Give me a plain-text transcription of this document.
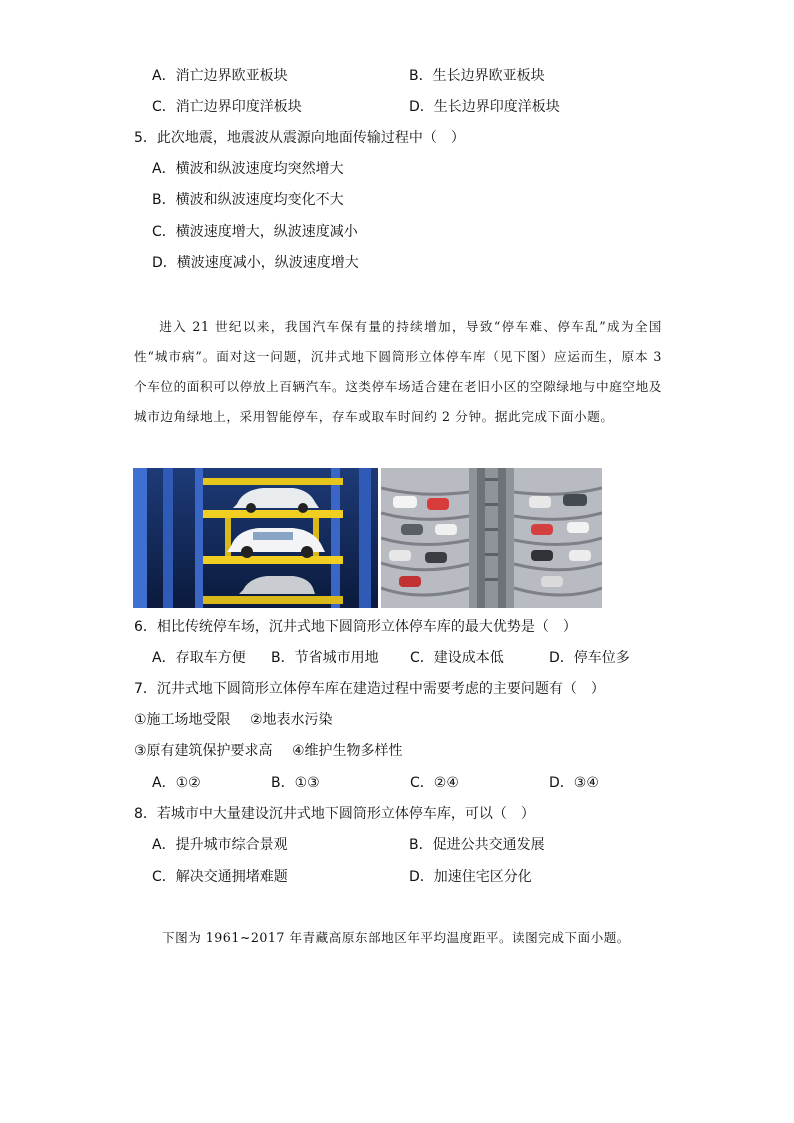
A．消亡边界欧亚板块	B．生长边界欧亚板块
C．消亡边界印度洋板块	D．生长边界印度洋板块
5．此次地震，地震波从震源向地面传输过程中（　）
A．横波和纵波速度均突然增大
B．横波和纵波速度均变化不大
C．横波速度增大，纵波速度减小
D．横波速度减小，纵波速度增大

进入 21 世纪以来，我国汽车保有量的持续增加，导致“停车难、停车乱”成为全国性“城市病”。面对这一问题，沉井式地下圆筒形立体停车库（见下图）应运而生，原本 3 个车位的面积可以停放上百辆汽车。这类停车场适合建在老旧小区的空隙绿地与中庭空地及城市边角绿地上，采用智能停车，存车或取车时间约 2 分钟。据此完成下面小题。

6．相比传统停车场，沉井式地下圆筒形立体停车库的最大优势是（　）
A．存取车方便 B．节省城市用地 C．建设成本低	D．停车位多
7．沉井式地下圆筒形立体停车库在建造过程中需要考虑的主要问题有（　）
①施工场地受限 ②地表水污染
③原有建筑保护要求高 ④维护生物多样性
A．①②	B．①③	C．②④	D．③④
8．若城市中大量建设沉井式地下圆筒形立体停车库，可以（　）
A．提升城市综合景观	B．促进公共交通发展
C．解决交通拥堵难题	D．加速住宅区分化
下图为 1961~2017 年青藏高原东部地区年平均温度距平。读图完成下面小题。
